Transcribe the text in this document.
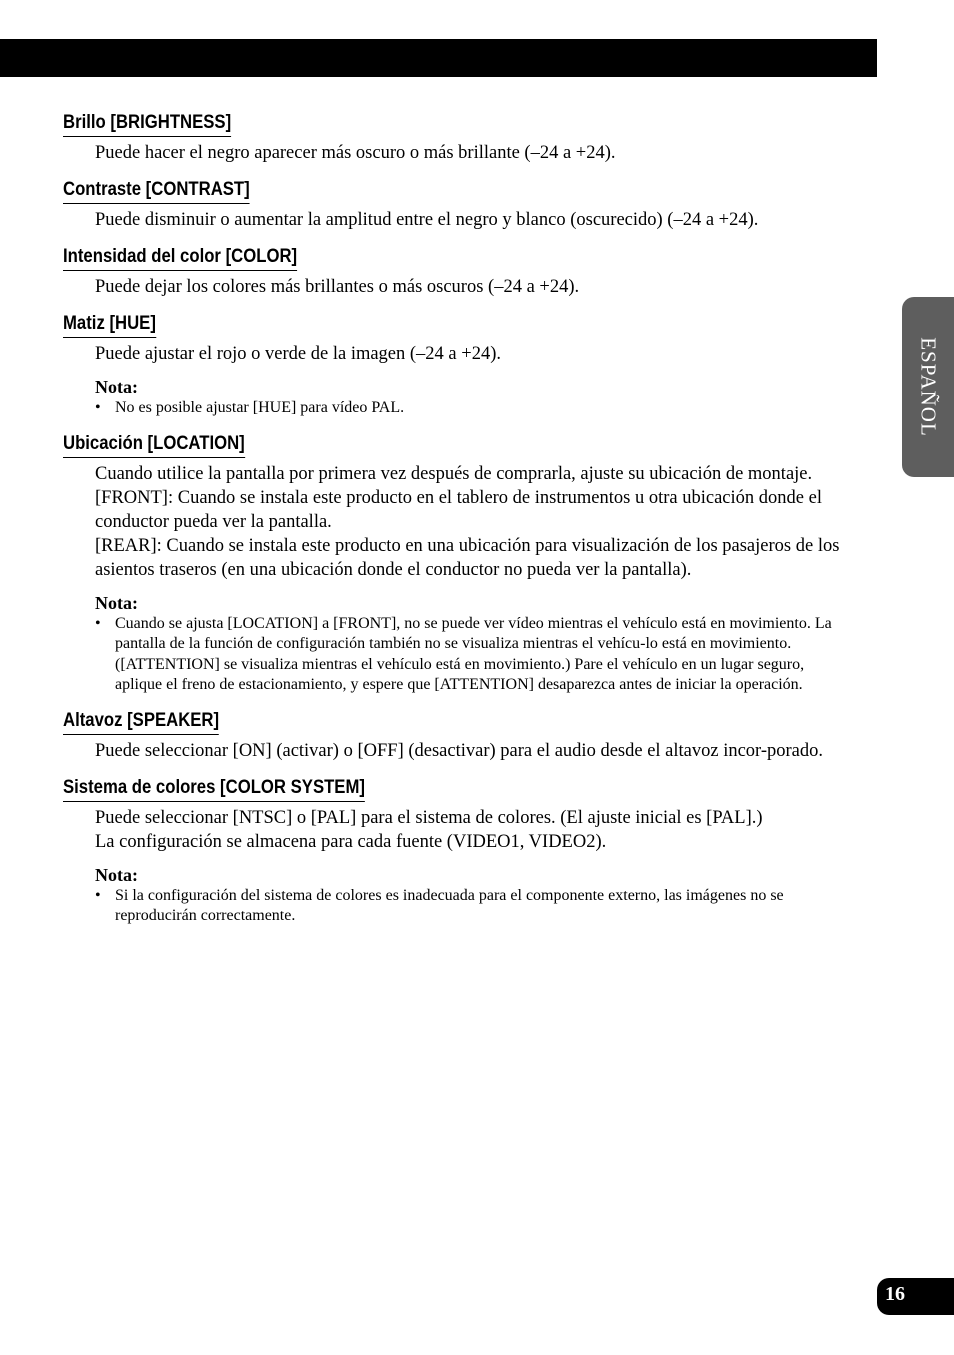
ESPAÑOL
Brillo [BRIGHTNESS]

Puede hacer el negro aparecer más oscuro o más brillante (–24 a +24).

Contraste [CONTRAST]

Puede disminuir o aumentar la amplitud entre el negro y blanco (oscurecido) (–24 a +24).

Intensidad del color [COLOR]

Puede dejar los colores más brillantes o más oscuros (–24 a +24).

Matiz [HUE]

Puede ajustar el rojo o verde de la imagen (–24 a +24).

Nota:
• No es posible ajustar [HUE] para vídeo PAL.
Ubicación [LOCATION]

Cuando utilice la pantalla por primera vez después de comprarla, ajuste su ubicación de montaje.

[FRONT]: Cuando se instala este producto en el tablero de instrumentos u otra ubicación donde el conductor pueda ver la pantalla.

[REAR]: Cuando se instala este producto en una ubicación para visualización de los pasajeros de los asientos traseros (en una ubicación donde el conductor no pueda ver la pantalla).

Nota:
• Cuando se ajusta [LOCATION] a [FRONT], no se puede ver vídeo mientras el vehículo está en movimiento. La pantalla de la función de configuración también no se visualiza mientras el vehícu-lo está en movimiento. ([ATTENTION] se visualiza mientras el vehículo está en movimiento.) Pare el vehículo en un lugar seguro, aplique el freno de estacionamiento, y espere que [ATTENTION] desaparezca antes de iniciar la operación.
Altavoz [SPEAKER]

Puede seleccionar [ON] (activar) o [OFF] (desactivar) para el audio desde el altavoz incor-porado.

Sistema de colores [COLOR SYSTEM]

Puede seleccionar [NTSC] o [PAL] para el sistema de colores. (El ajuste inicial es [PAL].)

La configuración se almacena para cada fuente (VIDEO1, VIDEO2).

Nota:
• Si la configuración del sistema de colores es inadecuada para el componente externo, las imágenes no se reproducirán correctamente.
16
